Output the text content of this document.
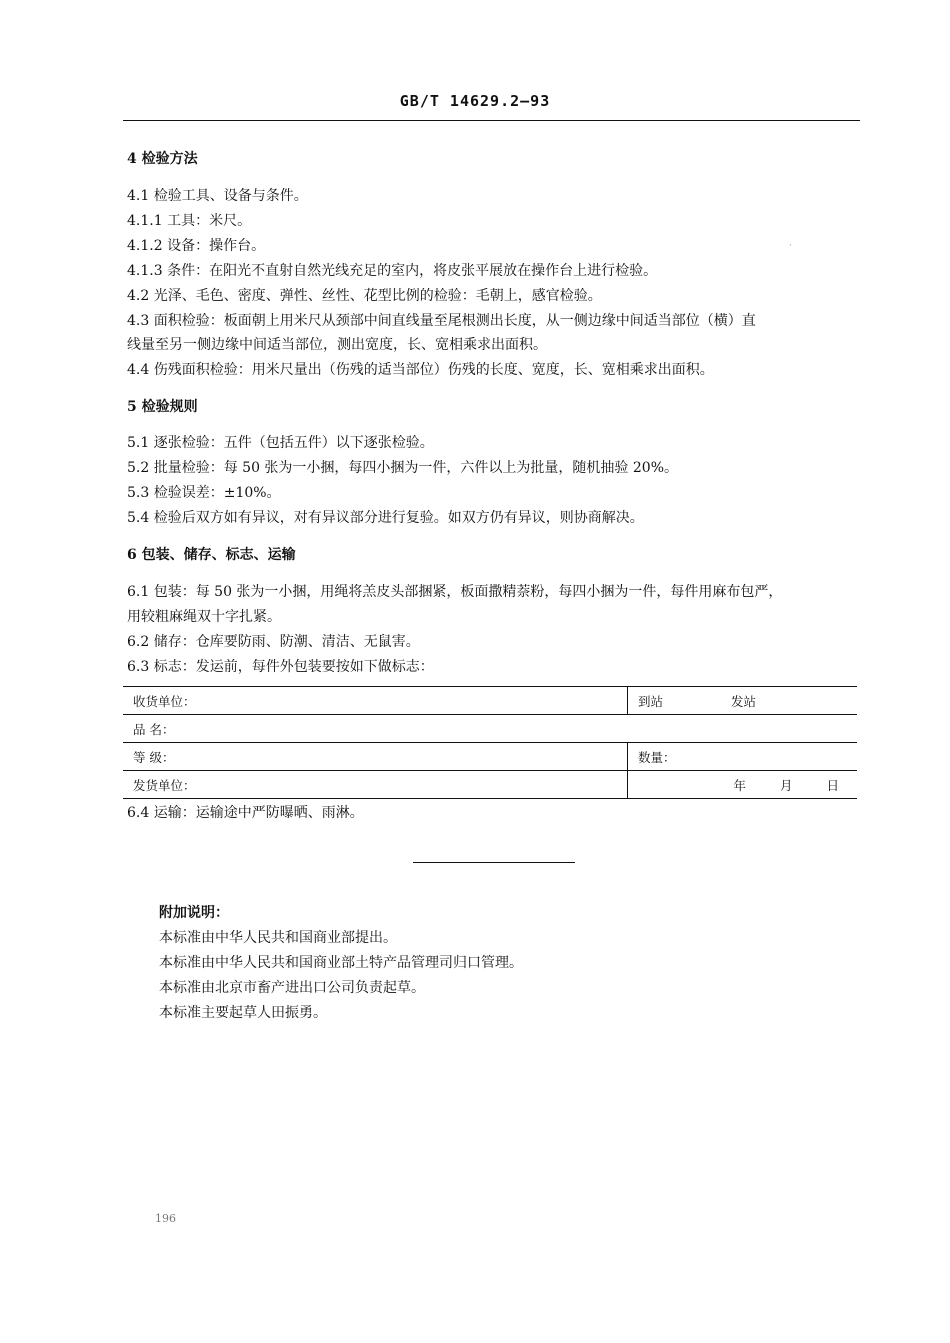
GB/T 14629.2—93
4 检验方法
4.1 检验工具、设备与条件。
4.1.1 工具：米尺。
4.1.2 设备：操作台。	·
4.1.3 条件：在阳光不直射自然光线充足的室内，将皮张平展放在操作台上进行检验。
4.2 光泽、毛色、密度、弹性、丝性、花型比例的检验：毛朝上，感官检验。
4.3 面积检验：板面朝上用米尺从颈部中间直线量至尾根测出长度，从一侧边缘中间适当部位（横）直
线量至另一侧边缘中间适当部位，测出宽度，长、宽相乘求出面积。
4.4 伤残面积检验：用米尺量出（伤残的适当部位）伤残的长度、宽度，长、宽相乘求出面积。
5 检验规则
5.1 逐张检验：五件（包括五件）以下逐张检验。
5.2 批量检验：每 50 张为一小捆，每四小捆为一件，六件以上为批量，随机抽验 20%。
5.3 检验误差：±10%。
5.4 检验后双方如有异议，对有异议部分进行复验。如双方仍有异议，则协商解决。
6 包装、储存、标志、运输
6.1 包装：每 50 张为一小捆，用绳将羔皮头部捆紧，板面撒精萘粉，每四小捆为一件，每件用麻布包严，
用较粗麻绳双十字扎紧。
6.2 储存：仓库要防雨、防潮、清洁、无鼠害。
6.3 标志：发运前，每件外包装要按如下做标志：
收货单位：	到站 发站
品 名：	
等 级：	数量：
发货单位：	年 月 日
6.4 运输：运输途中严防曝晒、雨淋。
附加说明：
本标准由中华人民共和国商业部提出。
本标准由中华人民共和国商业部土特产品管理司归口管理。
本标准由北京市畜产进出口公司负责起草。
本标准主要起草人田振勇。
196
